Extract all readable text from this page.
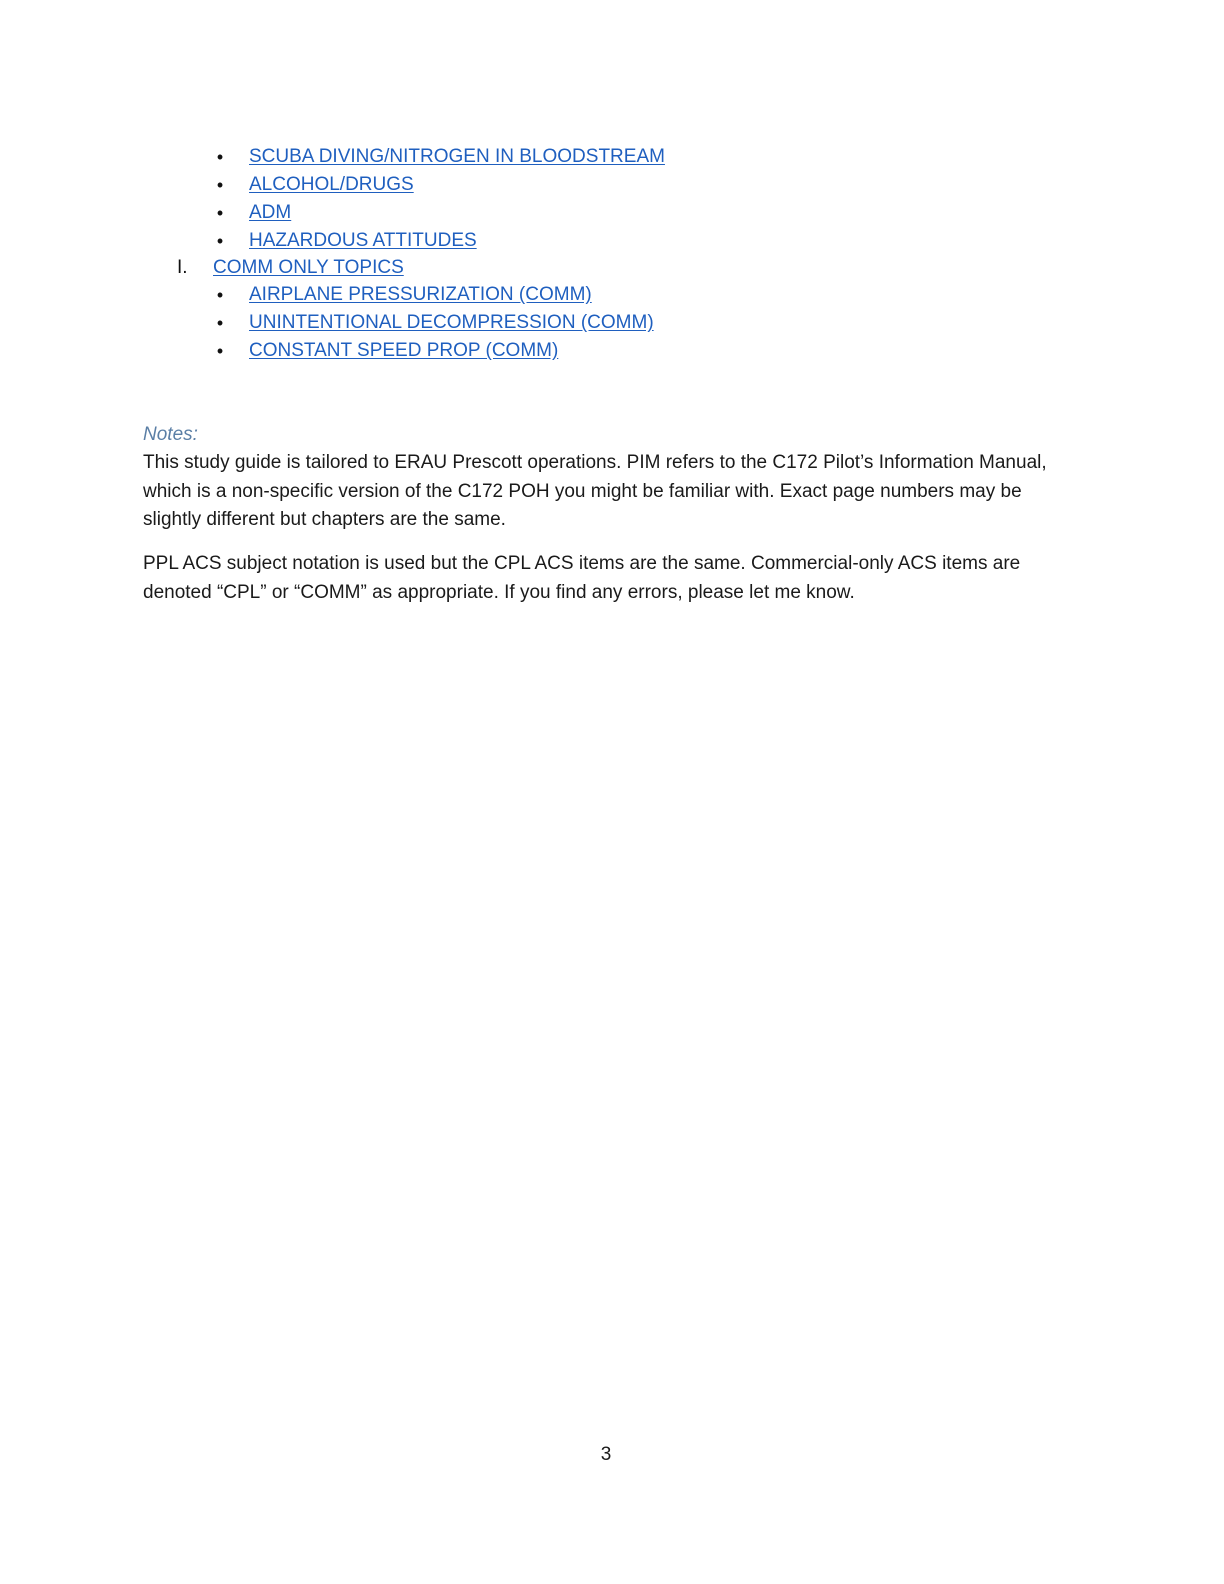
• SCUBA DIVING/NITROGEN IN BLOODSTREAM
• ALCOHOL/DRUGS
• ADM
• HAZARDOUS ATTITUDES
I. COMM ONLY TOPICS
• AIRPLANE PRESSURIZATION (COMM)
• UNINTENTIONAL DECOMPRESSION (COMM)
• CONSTANT SPEED PROP (COMM)
Notes:

This study guide is tailored to ERAU Prescott operations. PIM refers to the C172 Pilot’s Information Manual, which is a non-specific version of the C172 POH you might be familiar with. Exact page numbers may be slightly different but chapters are the same.

PPL ACS subject notation is used but the CPL ACS items are the same. Commercial-only ACS items are denoted “CPL” or “COMM” as appropriate. If you find any errors, please let me know.

3
